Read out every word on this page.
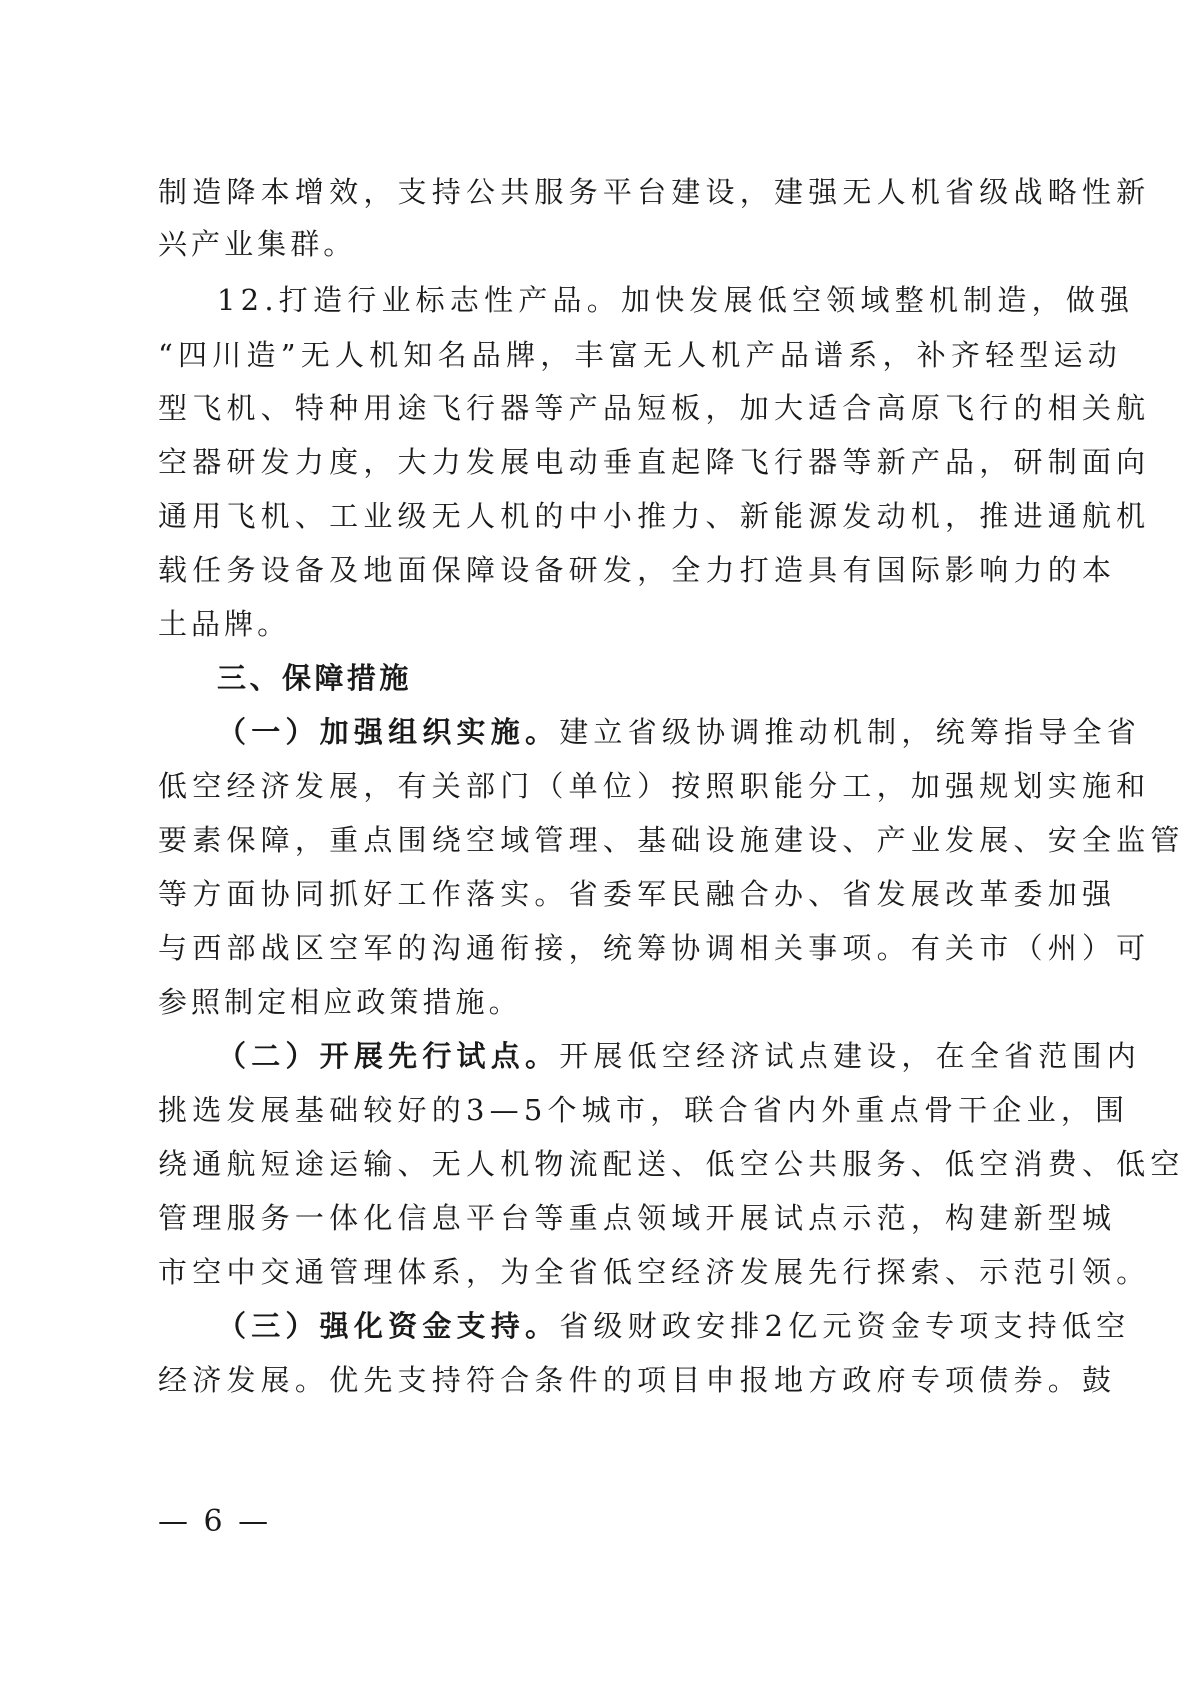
制造降本增效，支持公共服务平台建设，建强无人机省级战略性新
兴产业集群。
12.打造行业标志性产品。加快发展低空领域整机制造，做强
“四川造”无人机知名品牌，丰富无人机产品谱系，补齐轻型运动
型飞机、特种用途飞行器等产品短板，加大适合高原飞行的相关航
空器研发力度，大力发展电动垂直起降飞行器等新产品，研制面向
通用飞机、工业级无人机的中小推力、新能源发动机，推进通航机
载任务设备及地面保障设备研发，全力打造具有国际影响力的本
土品牌。
三、保障措施
（一）加强组织实施。建立省级协调推动机制，统筹指导全省
低空经济发展，有关部门（单位）按照职能分工，加强规划实施和
要素保障，重点围绕空域管理、基础设施建设、产业发展、安全监管
等方面协同抓好工作落实。省委军民融合办、省发展改革委加强
与西部战区空军的沟通衔接，统筹协调相关事项。有关市（州）可
参照制定相应政策措施。
（二）开展先行试点。开展低空经济试点建设，在全省范围内
挑选发展基础较好的3—5个城市，联合省内外重点骨干企业，围
绕通航短途运输、无人机物流配送、低空公共服务、低空消费、低空
管理服务一体化信息平台等重点领域开展试点示范，构建新型城
市空中交通管理体系，为全省低空经济发展先行探索、示范引领。
（三）强化资金支持。省级财政安排2亿元资金专项支持低空
经济发展。优先支持符合条件的项目申报地方政府专项债券。鼓
— 6 —
